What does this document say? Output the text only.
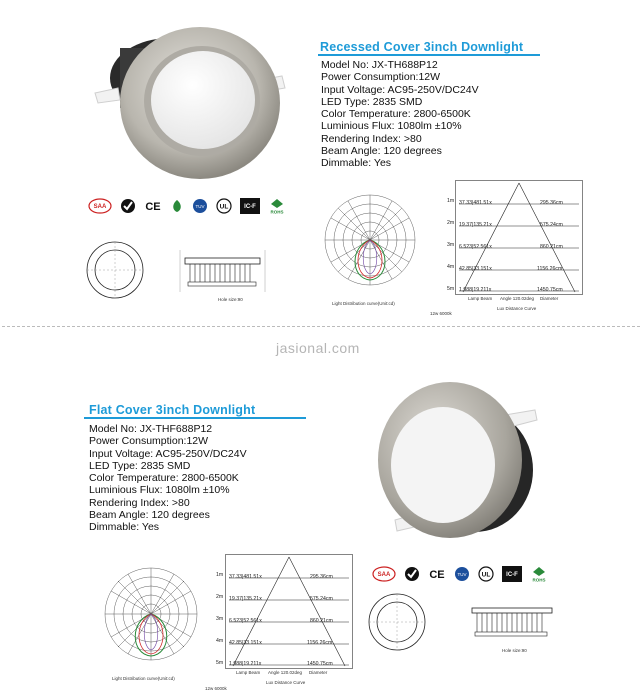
Recessed Cover 3inch Downlight
Model No: JX-TH688P12
Power Consumption:12W
Input Voltage: AC95-250V/DC24V
LED Type: 2835 SMD
Color Temperature: 2800-6500K
Luminious Flux: 1080lm ±10%
Rendering Index: >80
Beam Angle: 120 degrees
Dimmable: Yes
SAA	CE	TUV UL	IC-F
ROHS
Hole size:90
Light Distribution curve(Unit:cd)
1m
2m
3m
4m
5m
37.33|481.51x
19.37|135.21x
6.523|52.561x
42.85|33.151x
1.988|19.211x
295.36cm
575.24cm
860.21cm
1156.26cm
1450.75cm
Lamp Beam Angle 120.02deg Diameter
Lux Distance Curve
12w 6000k
jasional.com
Flat Cover 3inch Downlight
Model No: JX-THF688P12
Power Consumption:12W
Input Voltage: AC95-250V/DC24V
LED Type: 2835 SMD
Color Temperature: 2800-6500K
Luminious Flux: 1080lm ±10%
Rendering Index: >80
Beam Angle: 120 degrees
Dimmable: Yes
SAA	CE	TUV UL	IC-F
ROHS
Hole size:90
Light Distribution curve(Unit:cd)
1m
2m
3m
4m
5m
37.33|481.51x
19.37|135.21x
6.523|52.561x
42.85|33.151x
1.988|19.211x
295.36cm
575.24cm
860.21cm
1156.26cm
1450.75cm
Lamp Beam Angle 120.02deg Diameter
Lux Distance Curve
12w 6000k
